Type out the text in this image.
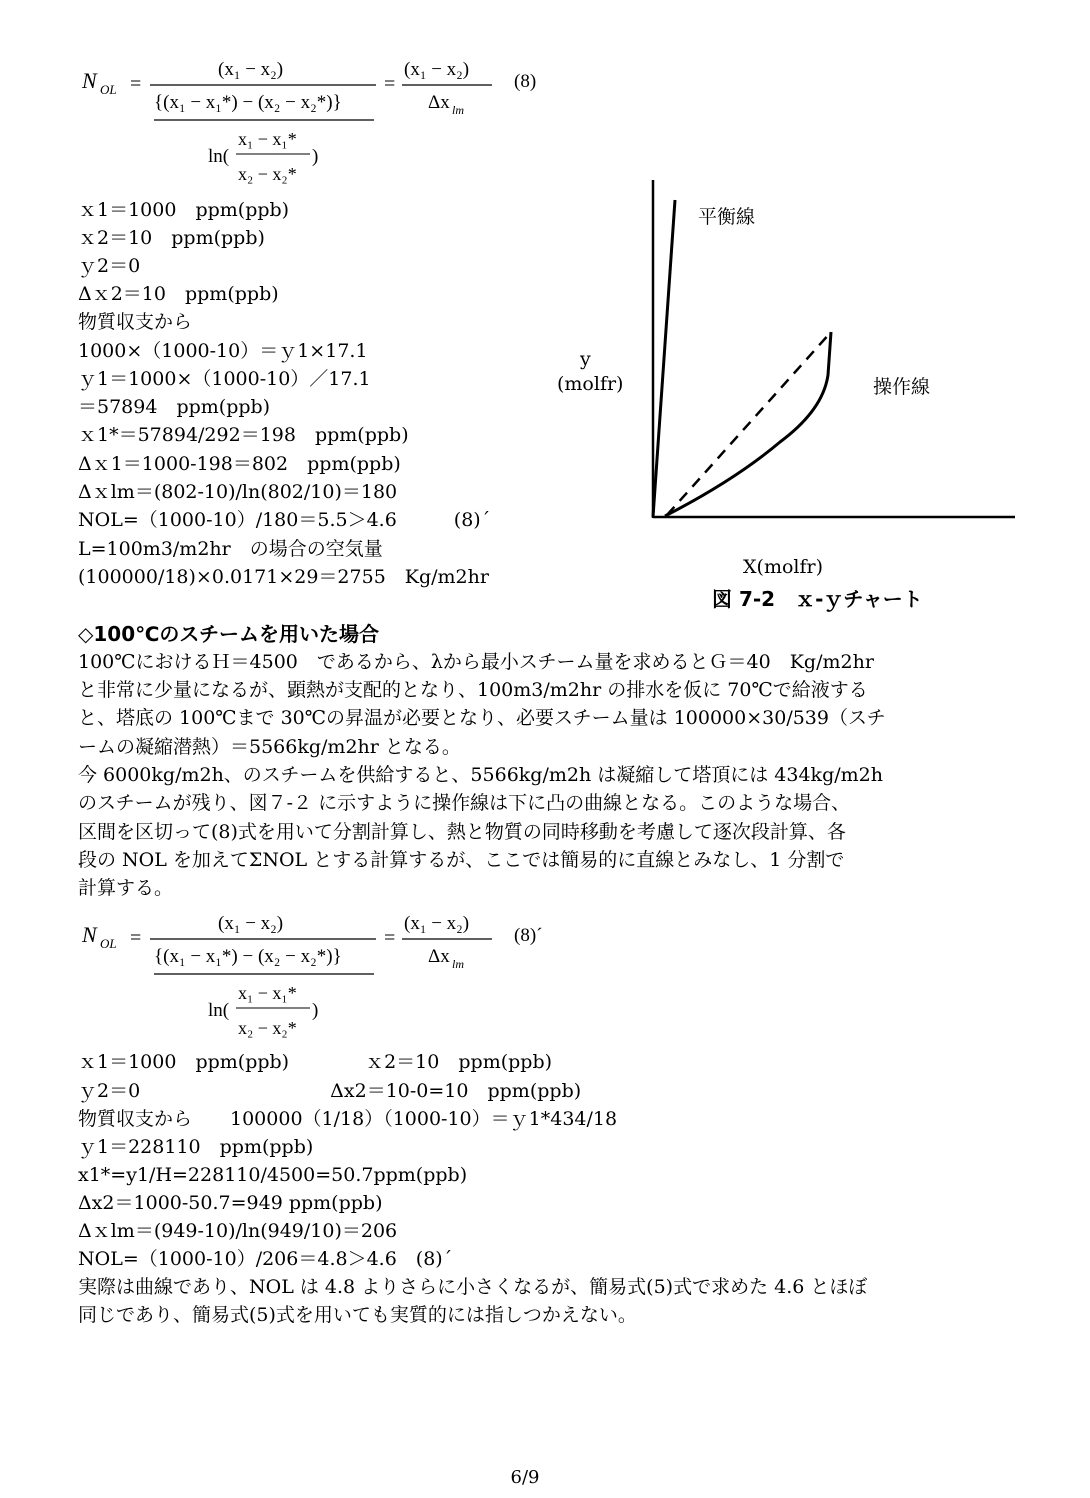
N OL =
(x₁ − x₂)
{(x₁ − x₁*) − (x₂ − x₂*)}
ln(
x₁ − x₁*
x₂ − x₂*
)
=
(x₁ − x₂)
Δx lm
(8)
ｘ1＝1000　ppm(ppb)
ｘ2＝10　ppm(ppb)
ｙ2＝0
Δｘ2＝10　ppm(ppb)
物質収支から
1000×（1000-10）＝ｙ1×17.1
ｙ1＝1000×（1000-10）／17.1
＝57894　ppm(ppb)
ｘ1*＝57894/292＝198　ppm(ppb)
Δｘ1＝1000-198＝802　ppm(ppb)
Δｘlm＝(802-10)/ln(802/10)＝180
NOL=（1000-10）/180＝5.5＞4.6　　　(8)´
L=100m3/m2hr　の場合の空気量
(100000/18)×0.0171×29＝2755　Kg/m2hr
平衡線
操作線
y
(molfr)
X(molfr)
図 7-2　ｘ-ｙチャート
◇100℃のスチームを用いた場合
100℃におけるＨ＝4500　であるから、λから最小スチーム量を求めるとＧ＝40　Kg/m2hr
と非常に少量になるが、顕熱が支配的となり、100m3/m2hr の排水を仮に 70℃で給液する
と、塔底の 100℃まで 30℃の昇温が必要となり、必要スチーム量は 100000×30/539（スチ
ームの凝縮潜熱）＝5566kg/m2hr となる。
今 6000kg/m2h、のスチームを供給すると、5566kg/m2h は凝縮して塔頂には 434kg/m2h
のスチームが残り、図７-２ に示すように操作線は下に凸の曲線となる。このような場合、
区間を区切って(8)式を用いて分割計算し、熱と物質の同時移動を考慮して逐次段計算、各
段の NOL を加えてΣNOL とする計算するが、ここでは簡易的に直線とみなし、1 分割で
計算する。
N OL =
(x₁ − x₂)
{(x₁ − x₁*) − (x₂ − x₂*)}
ln(
x₁ − x₁*
x₂ − x₂*
)
=
(x₁ − x₂)
Δx lm
(8)´
ｘ1＝1000　ppm(ppb)　　　　ｘ2＝10　ppm(ppb)
ｙ2＝0　　　　　　　　　　Δx2＝10-0=10　ppm(ppb)
物質収支から　　100000（1/18）（1000-10）＝ｙ1*434/18
ｙ1＝228110　ppm(ppb)
x1*=y1/H=228110/4500=50.7ppm(ppb)
Δx2＝1000-50.7=949 ppm(ppb)
Δｘlm＝(949-10)/ln(949/10)＝206
NOL=（1000-10）/206＝4.8＞4.6　(8)´
実際は曲線であり、NOL は 4.8 よりさらに小さくなるが、簡易式(5)式で求めた 4.6 とほぼ
同じであり、簡易式(5)式を用いても実質的には指しつかえない。
6/9
